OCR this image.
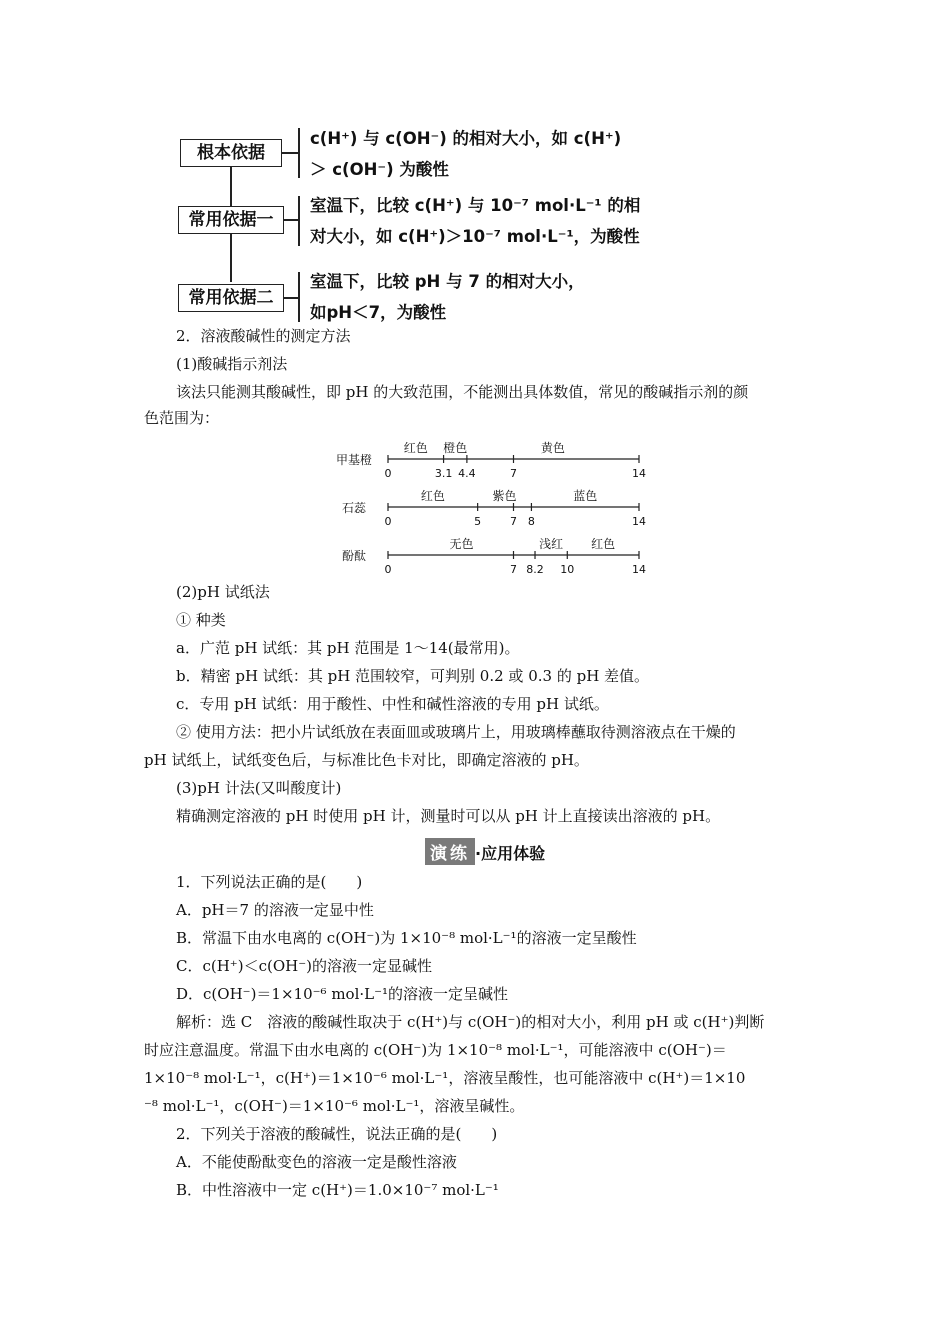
根本依据
常用依据一
常用依据二
c(H⁺) 与 c(OH⁻) 的相对大小，如 c(H⁺)
＞ c(OH⁻) 为酸性
室温下，比较 c(H⁺) 与 10⁻⁷ mol·L⁻¹ 的相
对大小，如 c(H⁺)＞10⁻⁷ mol·L⁻¹，为酸性
室温下，比较 pH 与 7 的相对大小，
如pH＜7，为酸性
2．溶液酸碱性的测定方法
(1)酸碱指示剂法
该法只能测其酸碱性，即 pH 的大致范围，不能测出具体数值，常见的酸碱指示剂的颜
色范围为：
甲基橙
0	3.1 4.4	7	14
红色 橙色	黄色
石蕊
0	5	7 8	14
红色	紫色	蓝色
酚酞
0	7 8.2 10	14
无色	浅红 红色
(2)pH 试纸法
① 种类
a．广范 pH 试纸：其 pH 范围是 1～14(最常用)。
b．精密 pH 试纸：其 pH 范围较窄，可判别 0.2 或 0.3 的 pH 差值。
c．专用 pH 试纸：用于酸性、中性和碱性溶液的专用 pH 试纸。
② 使用方法：把小片试纸放在表面皿或玻璃片上，用玻璃棒蘸取待测溶液点在干燥的
pH 试纸上，试纸变色后，与标准比色卡对比，即确定溶液的 pH。
(3)pH 计法(又叫酸度计)
精确测定溶液的 pH 时使用 pH 计，测量时可以从 pH 计上直接读出溶液的 pH。
演练 ·应用体验
1．下列说法正确的是(　　)
A．pH＝7 的溶液一定显中性
B．常温下由水电离的 c(OH⁻)为 1×10⁻⁸ mol·L⁻¹的溶液一定呈酸性
C．c(H⁺)＜c(OH⁻)的溶液一定显碱性
D．c(OH⁻)＝1×10⁻⁶ mol·L⁻¹的溶液一定呈碱性
解析：选 C　溶液的酸碱性取决于 c(H⁺)与 c(OH⁻)的相对大小，利用 pH 或 c(H⁺)判断
时应注意温度。常温下由水电离的 c(OH⁻)为 1×10⁻⁸ mol·L⁻¹，可能溶液中 c(OH⁻)＝
1×10⁻⁸ mol·L⁻¹，c(H⁺)＝1×10⁻⁶ mol·L⁻¹，溶液呈酸性，也可能溶液中 c(H⁺)＝1×10
⁻⁸ mol·L⁻¹，c(OH⁻)＝1×10⁻⁶ mol·L⁻¹，溶液呈碱性。
2．下列关于溶液的酸碱性，说法正确的是(　　)
A．不能使酚酞变色的溶液一定是酸性溶液
B．中性溶液中一定 c(H⁺)＝1.0×10⁻⁷ mol·L⁻¹
